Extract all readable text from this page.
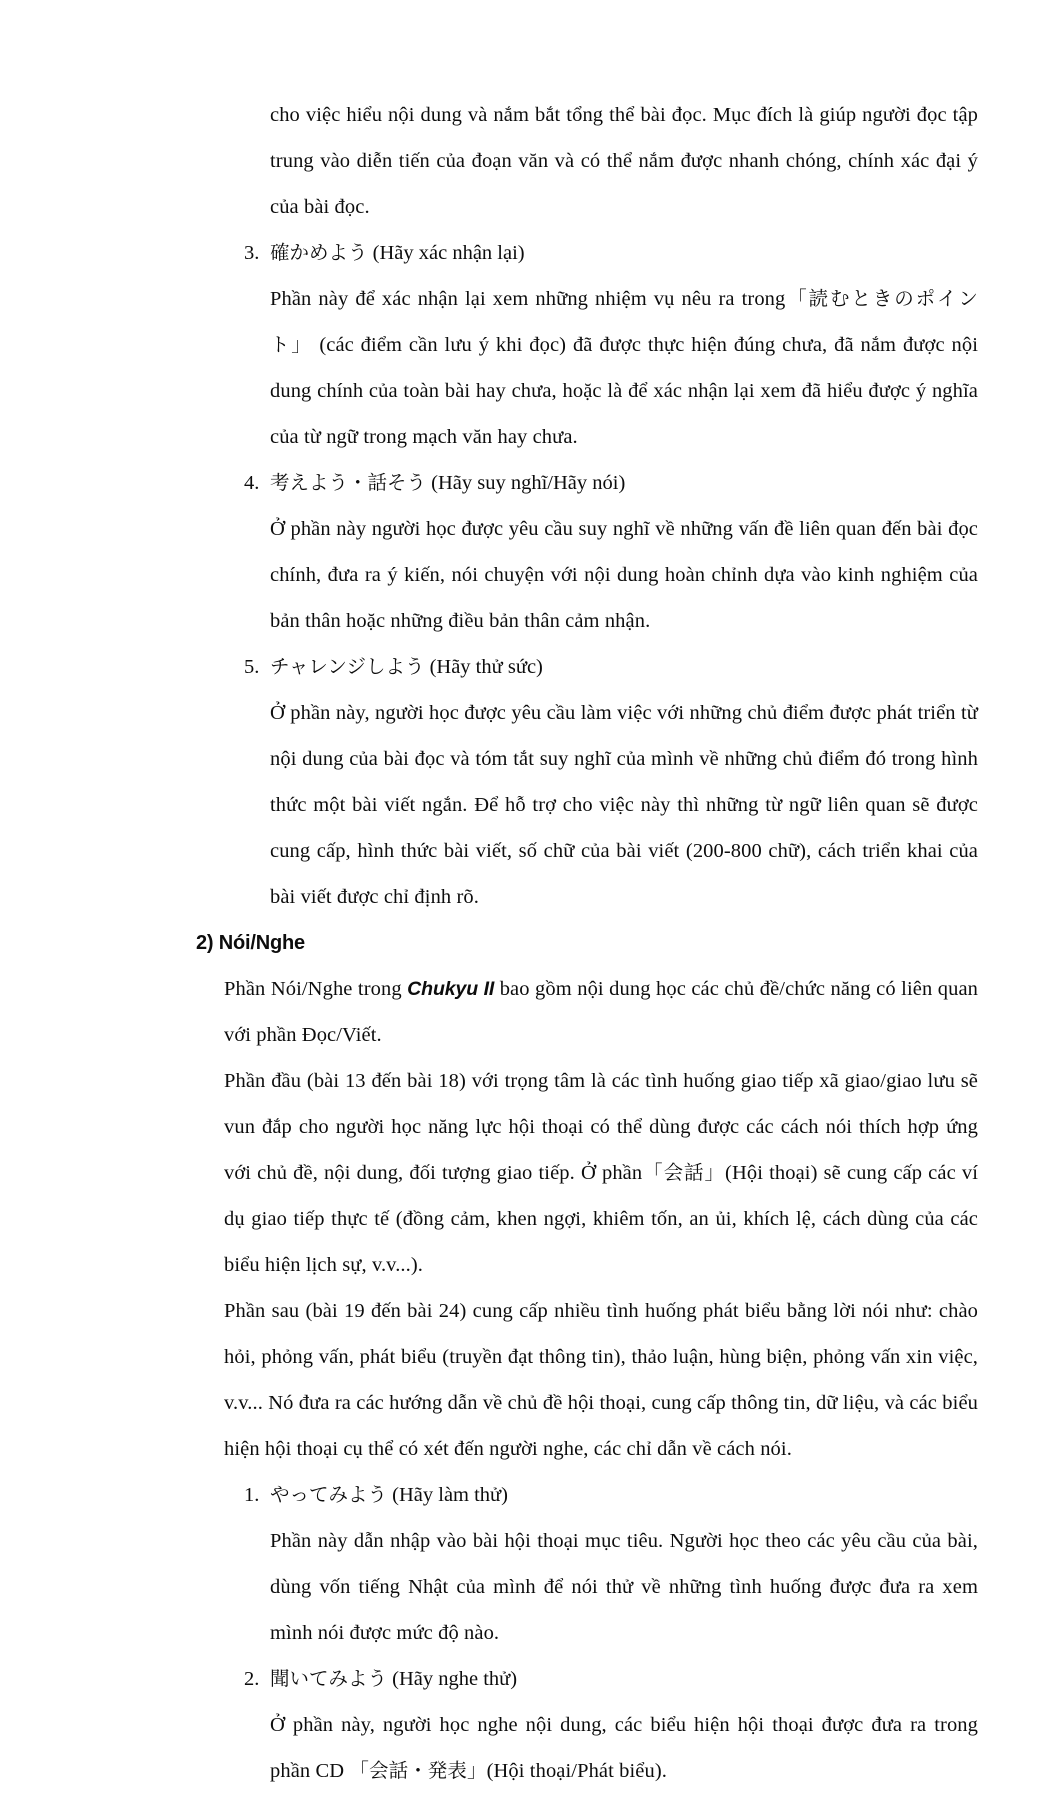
cho việc hiểu nội dung và nắm bắt tổng thể bài đọc. Mục đích là giúp người đọc tập trung vào diễn tiến của đoạn văn và có thể nắm được nhanh chóng, chính xác đại ý của bài đọc.

3. 確かめよう (Hãy xác nhận lại)

Phần này để xác nhận lại xem những nhiệm vụ nêu ra trong「読むときのポイント」 (các điểm cần lưu ý khi đọc) đã được thực hiện đúng chưa, đã nắm được nội dung chính của toàn bài hay chưa, hoặc là để xác nhận lại xem đã hiểu được ý nghĩa của từ ngữ trong mạch văn hay chưa.

4. 考えよう・話そう (Hãy suy nghĩ/Hãy nói)

Ở phần này người học được yêu cầu suy nghĩ về những vấn đề liên quan đến bài đọc chính, đưa ra ý kiến, nói chuyện với nội dung hoàn chỉnh dựa vào kinh nghiệm của bản thân hoặc những điều bản thân cảm nhận.

5. チャレンジしよう (Hãy thử sức)

Ở phần này, người học được yêu cầu làm việc với những chủ điểm được phát triển từ nội dung của bài đọc và tóm tắt suy nghĩ của mình về những chủ điểm đó trong hình thức một bài viết ngắn. Để hỗ trợ cho việc này thì những từ ngữ liên quan sẽ được cung cấp, hình thức bài viết, số chữ của bài viết (200-800 chữ), cách triển khai của bài viết được chỉ định rõ.

2) Nói/Nghe

Phần Nói/Nghe trong Chukyu II bao gồm nội dung học các chủ đề/chức năng có liên quan với phần Đọc/Viết.

Phần đầu (bài 13 đến bài 18) với trọng tâm là các tình huống giao tiếp xã giao/giao lưu sẽ vun đắp cho người học năng lực hội thoại có thể dùng được các cách nói thích hợp ứng với chủ đề, nội dung, đối tượng giao tiếp. Ở phần「会話」(Hội thoại) sẽ cung cấp các ví dụ giao tiếp thực tế (đồng cảm, khen ngợi, khiêm tốn, an ủi, khích lệ, cách dùng của các biểu hiện lịch sự, v.v...).

Phần sau (bài 19 đến bài 24) cung cấp nhiều tình huống phát biểu bằng lời nói như: chào hỏi, phỏng vấn, phát biểu (truyền đạt thông tin), thảo luận, hùng biện, phỏng vấn xin việc, v.v... Nó đưa ra các hướng dẫn về chủ đề hội thoại, cung cấp thông tin, dữ liệu, và các biểu hiện hội thoại cụ thể có xét đến người nghe, các chỉ dẫn về cách nói.

1. やってみよう (Hãy làm thử)

Phần này dẫn nhập vào bài hội thoại mục tiêu. Người học theo các yêu cầu của bài, dùng vốn tiếng Nhật của mình để nói thử về những tình huống được đưa ra xem mình nói được mức độ nào.

2. 聞いてみよう (Hãy nghe thử)

Ở phần này, người học nghe nội dung, các biểu hiện hội thoại được đưa ra trong phần CD 「会話・発表」(Hội thoại/Phát biểu).
